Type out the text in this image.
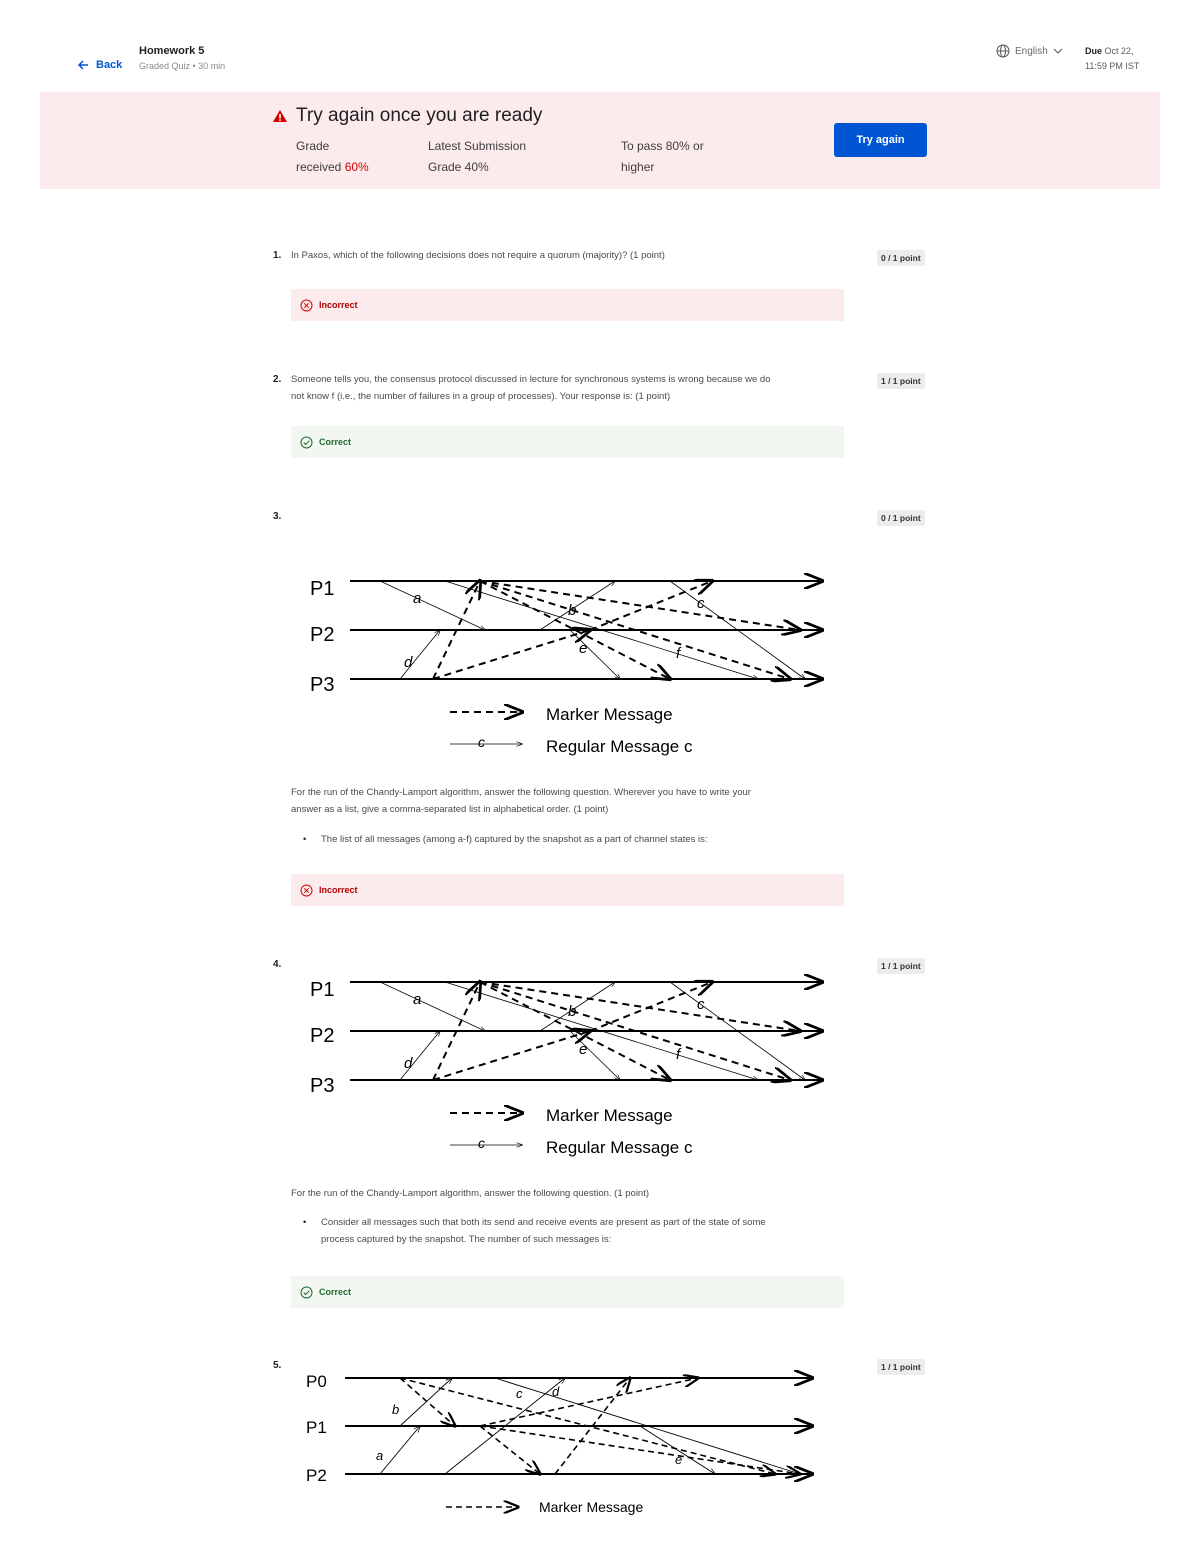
Back
Homework 5
Graded Quiz • 30 min
English	Due Oct 22,
11:59 PM IST
Try again once you are ready
Grade
received 60%
Latest Submission
Grade 40%
To pass 80% or
higher
Try again
1. In Paxos, which of the following decisions does not require a quorum (majority)? (1 point)	0 / 1 point
Incorrect
2. Someone tells you, the consensus protocol discussed in lecture for synchronous systems is wrong because we do
not know f (i.e., the number of failures in a group of processes). Your response is: (1 point)
1 / 1 point
Correct
3.	0 / 1 point
P1
P2
P3
a
b	c
d
e	f
Marker Message
c	Regular Message c
For the run of the Chandy-Lamport algorithm, answer the following question. Wherever you have to write your
answer as a list, give a comma-separated list in alphabetical order. (1 point)
• The list of all messages (among a-f) captured by the snapshot as a part of channel states is:
Incorrect
4.	1 / 1 point
P1
P2
P3
a
b	c
d
e	f
Marker Message
c	Regular Message c
For the run of the Chandy-Lamport algorithm, answer the following question. (1 point)
• Consider all messages such that both its send and receive events are present as part of the state of some
process captured by the snapshot. The number of such messages is:
Correct
5.	1 / 1 point
P0
P1
P2
a
b
c d
e
Marker Message
